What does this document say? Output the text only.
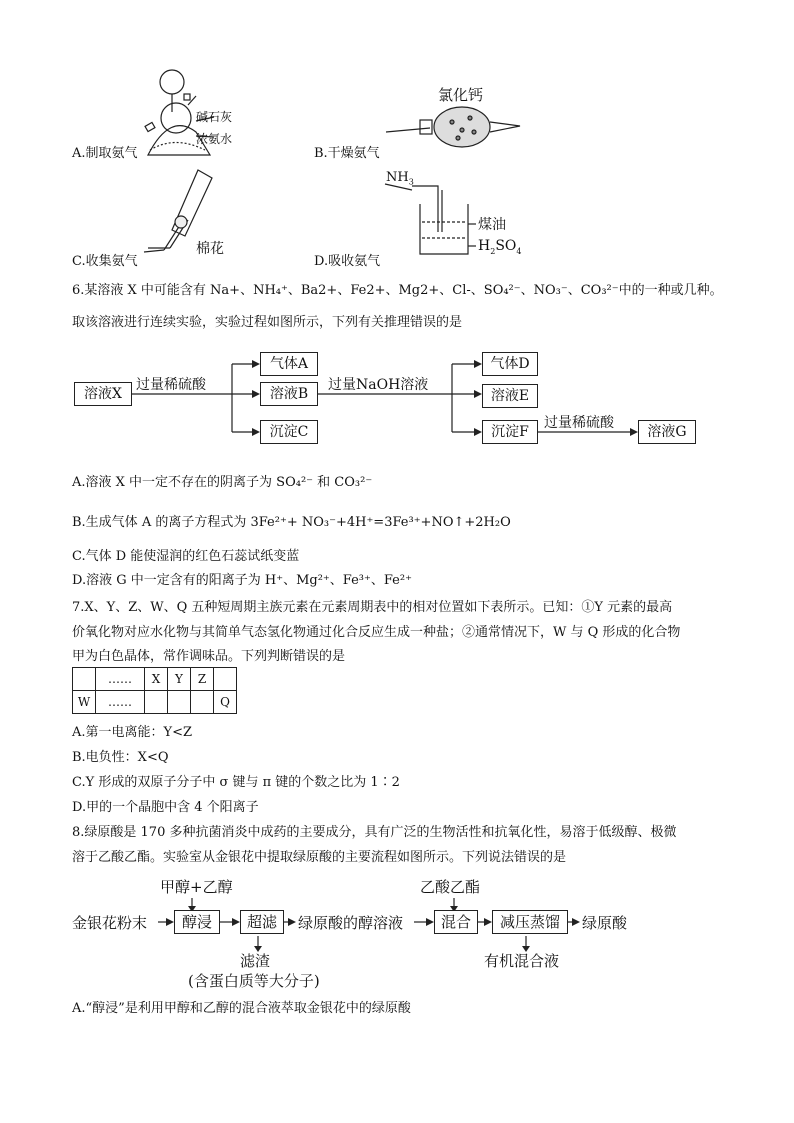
碱石灰
浓氨水
A.制取氨气
氯化钙
B.干燥氨气
棉花
C.收集氨气
$NH_3$
煤油
$H_2SO_4$
D.吸收氨气
6.某溶液 X 中可能含有 Na+、NH₄⁺、Ba2+、Fe2+、Mg2+、Cl-、SO₄²⁻、NO₃⁻、CO₃²⁻中的一种或几种。
取该溶液进行连续实验，实验过程如图所示，下列有关推理错误的是
溶液X
过量稀硫酸
气体A
溶液B
沉淀C
过量NaOH溶液
气体D
溶液E
沉淀F
过量稀硫酸
溶液G
A.溶液 X 中一定不存在的阴离子为 SO₄²⁻ 和 CO₃²⁻
B.生成气体 A 的离子方程式为 3Fe²⁺+ NO₃⁻+4H⁺=3Fe³⁺+NO↑+2H₂O
C.气体 D 能使湿润的红色石蕊试纸变蓝
D.溶液 G 中一定含有的阳离子为 H⁺、Mg²⁺、Fe³⁺、Fe²⁺
7.X、Y、Z、W、Q 五种短周期主族元素在元素周期表中的相对位置如下表所示。已知：①Y 元素的最高
价氧化物对应水化物与其简单气态氢化物通过化合反应生成一种盐；②通常情况下，W 与 Q 形成的化合物
甲为白色晶体，常作调味品。下列判断错误的是
	……	X	Y	Z	
W	……				Q
A.第一电离能：Y<Z
B.电负性：X<Q
C.Y 形成的双原子分子中 σ 键与 π 键的个数之比为 1∶2
D.甲的一个晶胞中含 4 个阳离子
8.绿原酸是 170 多种抗菌消炎中成药的主要成分，具有广泛的生物活性和抗氧化性，易溶于低级醇、极微
溶于乙酸乙酯。实验室从金银花中提取绿原酸的主要流程如图所示。下列说法错误的是
甲醇+乙醇
金银花粉末	醇浸	超滤	绿原酸的醇溶液
乙酸乙酯
混合	减压蒸馏	绿原酸
滤渣
(含蛋白质等大分子)
有机混合液
A.“醇浸”是利用甲醇和乙醇的混合液萃取金银花中的绿原酸
